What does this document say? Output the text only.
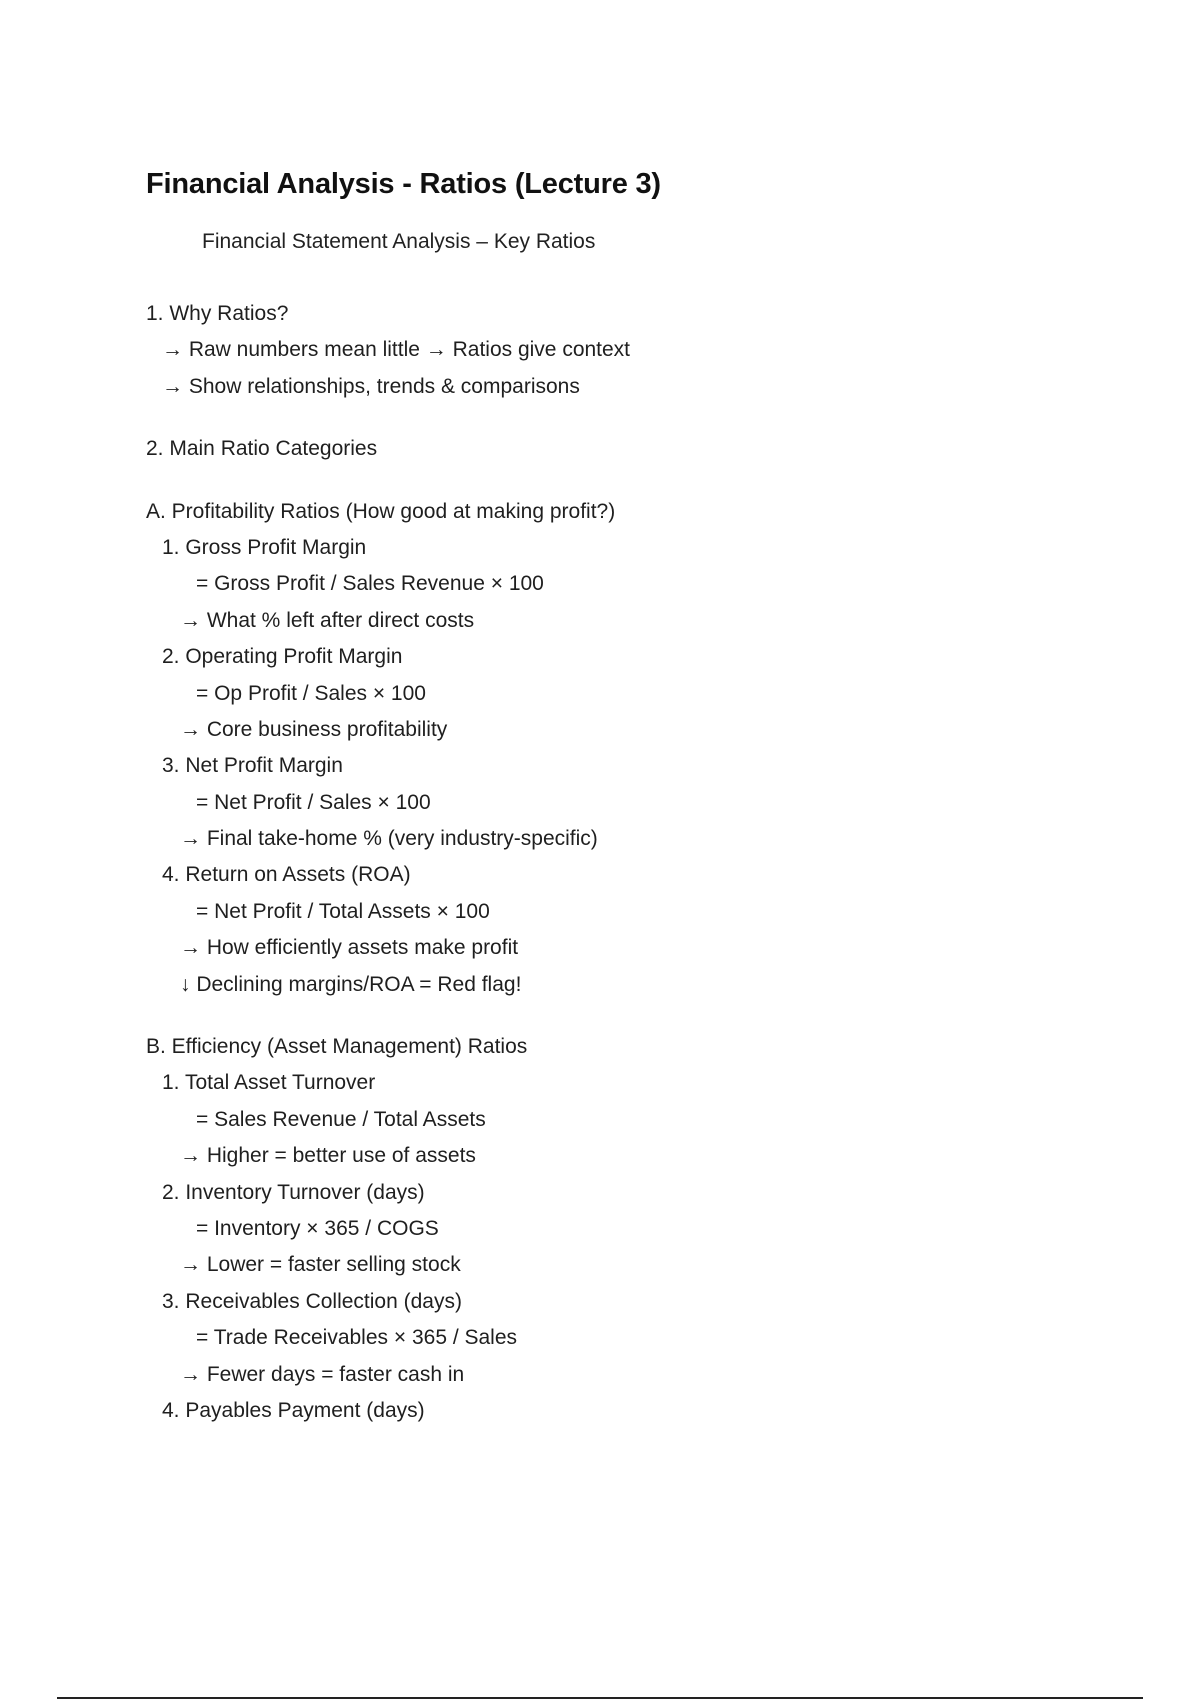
Financial Analysis - Ratios (Lecture 3)
Financial Statement Analysis – Key Ratios
1. Why Ratios?
→ Raw numbers mean little → Ratios give context
→ Show relationships, trends & comparisons
2. Main Ratio Categories
A. Profitability Ratios (How good at making profit?)
1. Gross Profit Margin
= Gross Profit / Sales Revenue × 100
→ What % left after direct costs
2. Operating Profit Margin
= Op Profit / Sales × 100
→ Core business profitability
3. Net Profit Margin
= Net Profit / Sales × 100
→ Final take-home % (very industry-specific)
4. Return on Assets (ROA)
= Net Profit / Total Assets × 100
→ How efficiently assets make profit
↓ Declining margins/ROA = Red flag!
B. Efficiency (Asset Management) Ratios
1. Total Asset Turnover
= Sales Revenue / Total Assets
→ Higher = better use of assets
2. Inventory Turnover (days)
= Inventory × 365 / COGS
→ Lower = faster selling stock
3. Receivables Collection (days)
= Trade Receivables × 365 / Sales
→ Fewer days = faster cash in
4. Payables Payment (days)
